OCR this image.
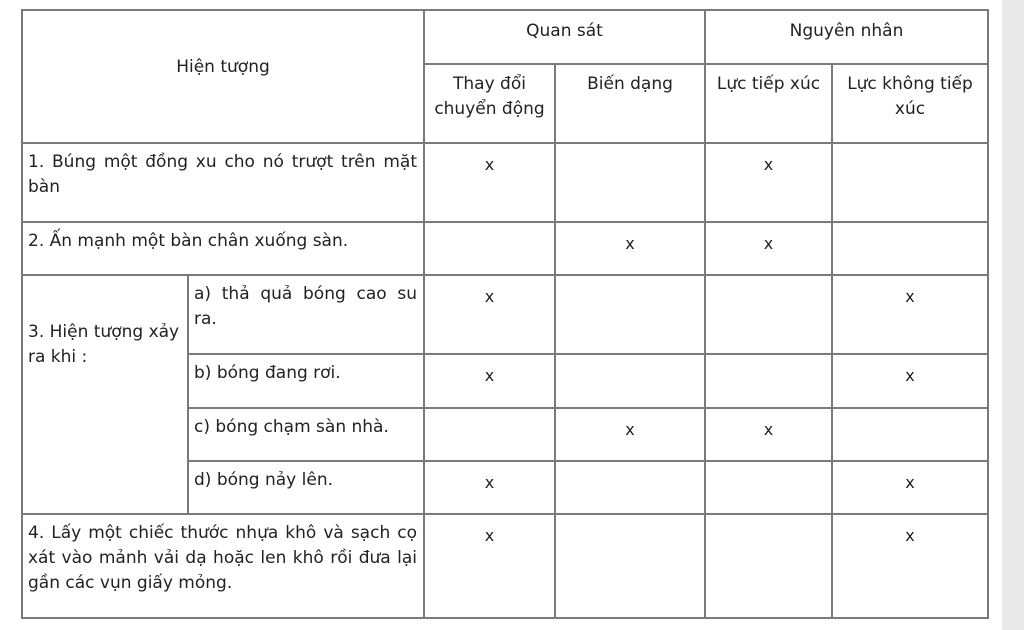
Hiện tượng		Quan sát		Nguyên nhân	
		Thay đổi chuyển động	Biến dạng	Lực tiếp xúc	Lực không tiếp xúc
1. Búng một đồng xu cho nó trượt trên mặt bàn		x		x	
2. Ấn mạnh một bàn chân xuống sàn.			x	x	
3. Hiện tượng xảy ra khi :	a) thả quả bóng cao su ra.	x			x
	b) bóng đang rơi.	x			x
	c) bóng chạm sàn nhà.		x	x	
	d) bóng nảy lên.	x			x
4. Lấy một chiếc thước nhựa khô và sạch cọ xát vào mảnh vải dạ hoặc len khô rồi đưa lại gần các vụn giấy mỏng.		x			x
